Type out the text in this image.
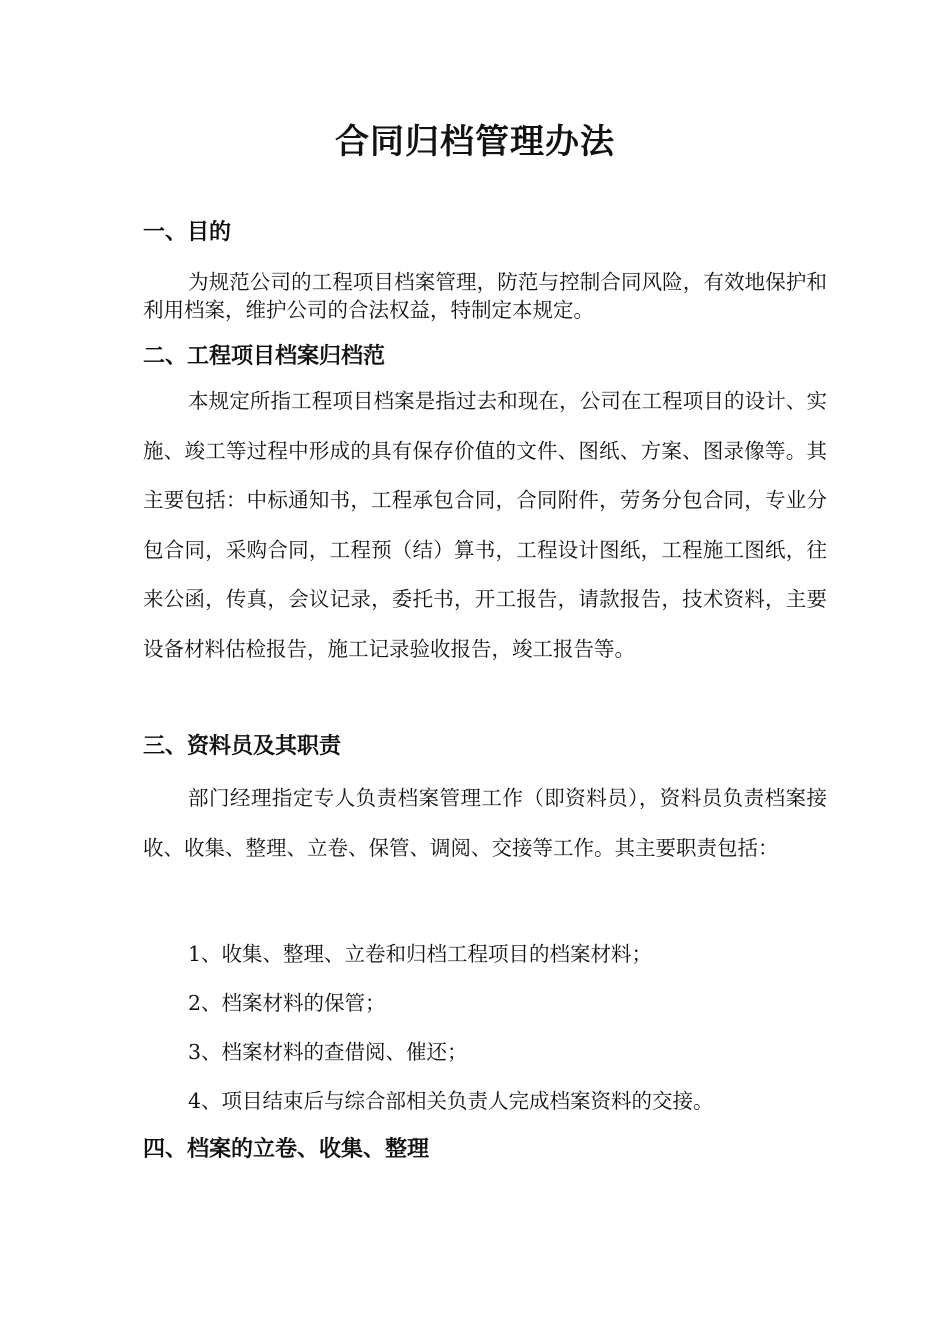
合同归档管理办法
一、目的

为规范公司的工程项目档案管理，防范与控制合同风险，有效地保护和利用档案，维护公司的合法权益，特制定本规定。

二、工程项目档案归档范

本规定所指工程项目档案是指过去和现在，公司在工程项目的设计、实施、竣工等过程中形成的具有保存价值的文件、图纸、方案、图录像等。其主要包括：中标通知书，工程承包合同，合同附件，劳务分包合同，专业分包合同，采购合同，工程预（结）算书，工程设计图纸，工程施工图纸，往来公函，传真，会议记录，委托书，开工报告，请款报告，技术资料，主要设备材料估检报告，施工记录验收报告，竣工报告等。

三、资料员及其职责

部门经理指定专人负责档案管理工作（即资料员），资料员负责档案接收、收集、整理、立卷、保管、调阅、交接等工作。其主要职责包括：

1、收集、整理、立卷和归档工程项目的档案材料；
2、档案材料的保管；
3、档案材料的查借阅、催还；
4、项目结束后与综合部相关负责人完成档案资料的交接。
四、档案的立卷、收集、整理
